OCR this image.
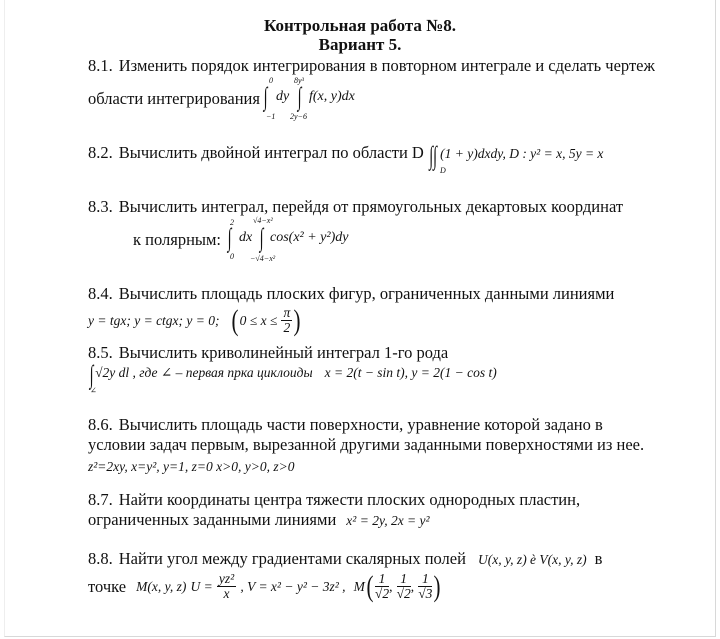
Контрольная работа №8.
Вариант 5.
8.1. Изменить порядок интегрирования в повторном интеграле и сделать чертеж
области интегрирования
0
∫
−1
dy
8y³
∫
2y−6
f(x, y)dx
8.2. Вычислить двойной интеграл по области D ∫∫ (1 + y)dxdy, D : y² = x, 5y = x
D
8.3. Вычислить интеграл, перейдя от прямоугольных декартовых координат
к полярным:
2
∫
0
dx
√4−x²
∫
−√4−x²
cos(x² + y²)dy
8.4. Вычислить площадь плоских фигур, ограниченных данными линиями
y = tgx; y = ctgx; y = 0; ( $0 \le x \le \frac{\pi}{2}$ )
8.5. Вычислить криволинейный интеграл 1-го рода
∫ √2y dl , где ∠ – первая прка циклоиды x = 2(t − sin t), y = 2(1 − cos t)
∠
8.6. Вычислить площадь части поверхности, уравнение которой задано в
условии задач первым, вырезанной другими заданными поверхностями из нее.
z²=2xy, x=y², y=1, z=0 x>0, y>0, z>0
8.7. Найти координаты центра тяжести плоских однородных пластин,
ограниченных заданными линиями x² = 2y, 2x = y²
8.8. Найти угол между градиентами скалярных полей U(x, y, z) è V(x, y, z) в
точке M(x, y, z) $U = \frac{\text{yz²}}{x}$ , V = x² − y² − 3z² , $M( \frac{1}{√2}$ , $\frac{1}{√2}$ , $\frac{1}{√3}$ )
